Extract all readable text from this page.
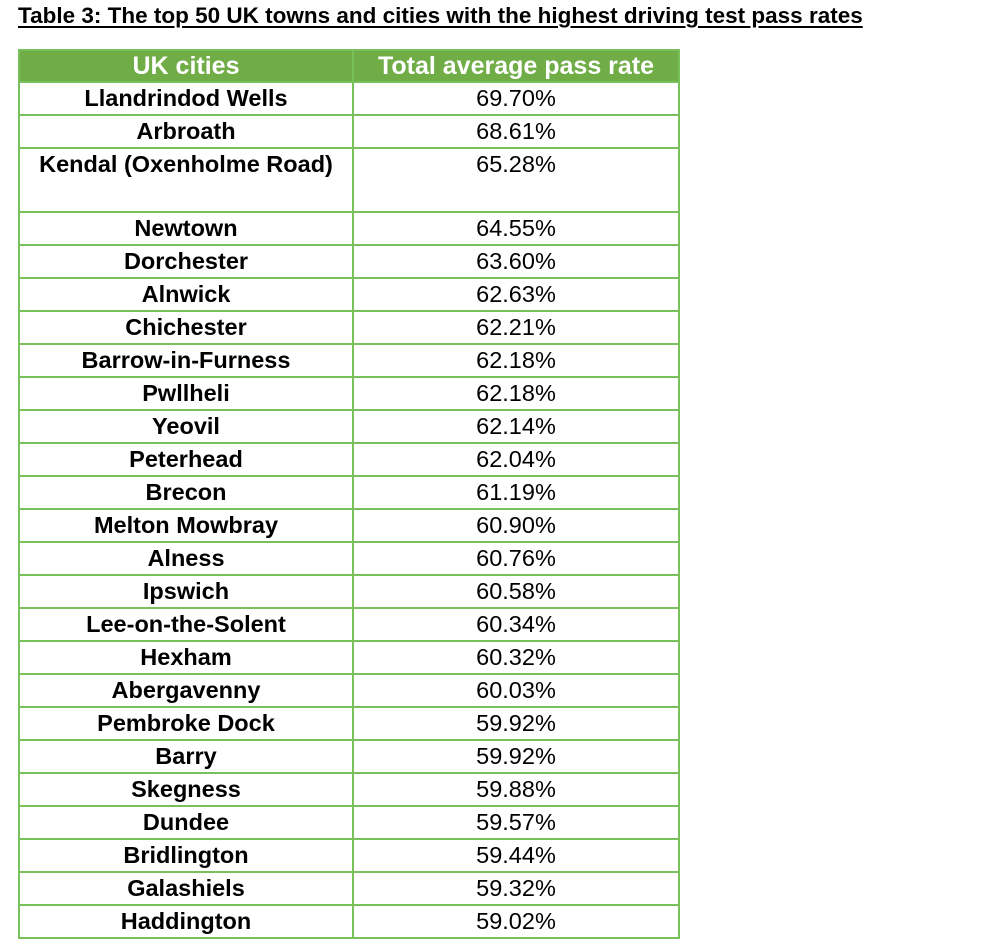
Table 3: The top 50 UK towns and cities with the highest driving test pass rates
UK cities	Total average pass rate
Llandrindod Wells	69.70%
Arbroath	68.61%
Kendal (Oxenholme Road)	65.28%
Newtown	64.55%
Dorchester	63.60%
Alnwick	62.63%
Chichester	62.21%
Barrow-in-Furness	62.18%
Pwllheli	62.18%
Yeovil	62.14%
Peterhead	62.04%
Brecon	61.19%
Melton Mowbray	60.90%
Alness	60.76%
Ipswich	60.58%
Lee-on-the-Solent	60.34%
Hexham	60.32%
Abergavenny	60.03%
Pembroke Dock	59.92%
Barry	59.92%
Skegness	59.88%
Dundee	59.57%
Bridlington	59.44%
Galashiels	59.32%
Haddington	59.02%
